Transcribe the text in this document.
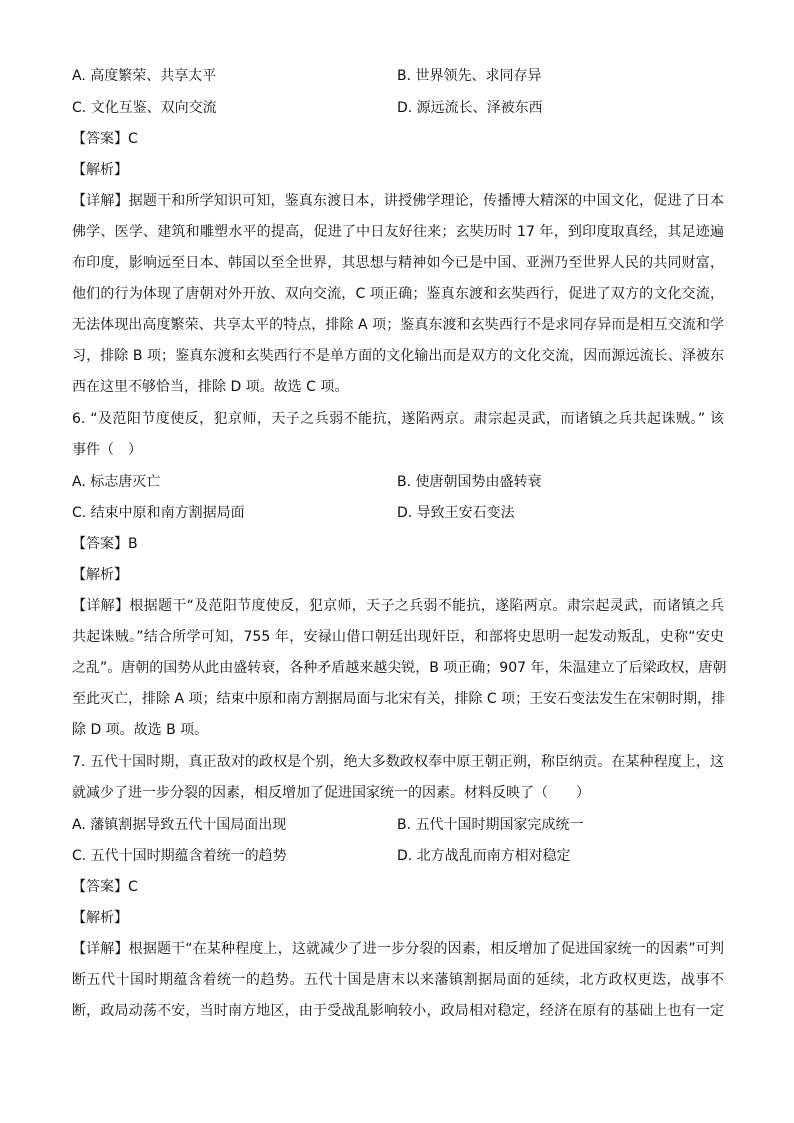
A. 高度繁荣、共享太平	B. 世界领先、求同存异
C. 文化互鉴、双向交流	D. 源远流长、泽被东西
【答案】C
【解析】
【详解】据题干和所学知识可知，鉴真东渡日本，讲授佛学理论，传播博大精深的中国文化，促进了日本
佛学、医学、建筑和雕塑水平的提高，促进了中日友好往来；玄奘历时 17 年，到印度取真经，其足迹遍
布印度，影响远至日本、韩国以至全世界，其思想与精神如今已是中国、亚洲乃至世界人民的共同财富，
他们的行为体现了唐朝对外开放、双向交流，C 项正确；鉴真东渡和玄奘西行，促进了双方的文化交流，
无法体现出高度繁荣、共享太平的特点，排除 A 项；鉴真东渡和玄奘西行不是求同存异而是相互交流和学
习，排除 B 项；鉴真东渡和玄奘西行不是单方面的文化输出而是双方的文化交流，因而源远流长、泽被东
西在这里不够恰当，排除 D 项。故选 C 项。
6. “及范阳节度使反，犯京师，天子之兵弱不能抗，遂陷两京。肃宗起灵武，而诸镇之兵共起诛贼。” 该
事件（　）
A. 标志唐灭亡	B. 使唐朝国势由盛转衰
C. 结束中原和南方割据局面	D. 导致王安石变法
【答案】B
【解析】
【详解】根据题干“及范阳节度使反，犯京师，天子之兵弱不能抗，遂陷两京。肃宗起灵武，而诸镇之兵
共起诛贼。”结合所学可知，755 年，安禄山借口朝廷出现奸臣，和部将史思明一起发动叛乱，史称“安史
之乱”。唐朝的国势从此由盛转衰，各种矛盾越来越尖锐，B 项正确；907 年，朱温建立了后梁政权，唐朝
至此灭亡，排除 A 项；结束中原和南方割据局面与北宋有关，排除 C 项；王安石变法发生在宋朝时期，排
除 D 项。故选 B 项。
7. 五代十国时期，真正敌对的政权是个别，绝大多数政权奉中原王朝正朔，称臣纳贡。在某种程度上，这
就减少了进一步分裂的因素，相反增加了促进国家统一的因素。材料反映了（　　）
A. 藩镇割据导致五代十国局面出现	B. 五代十国时期国家完成统一
C. 五代十国时期蕴含着统一的趋势	D. 北方战乱而南方相对稳定
【答案】C
【解析】
【详解】根据题干“在某种程度上，这就减少了进一步分裂的因素，相反增加了促进国家统一的因素”可判
断五代十国时期蕴含着统一的趋势。五代十国是唐末以来藩镇割据局面的延续，北方政权更迭，战事不
断，政局动荡不安，当时南方地区，由于受战乱影响较小，政局相对稳定，经济在原有的基础上也有一定
